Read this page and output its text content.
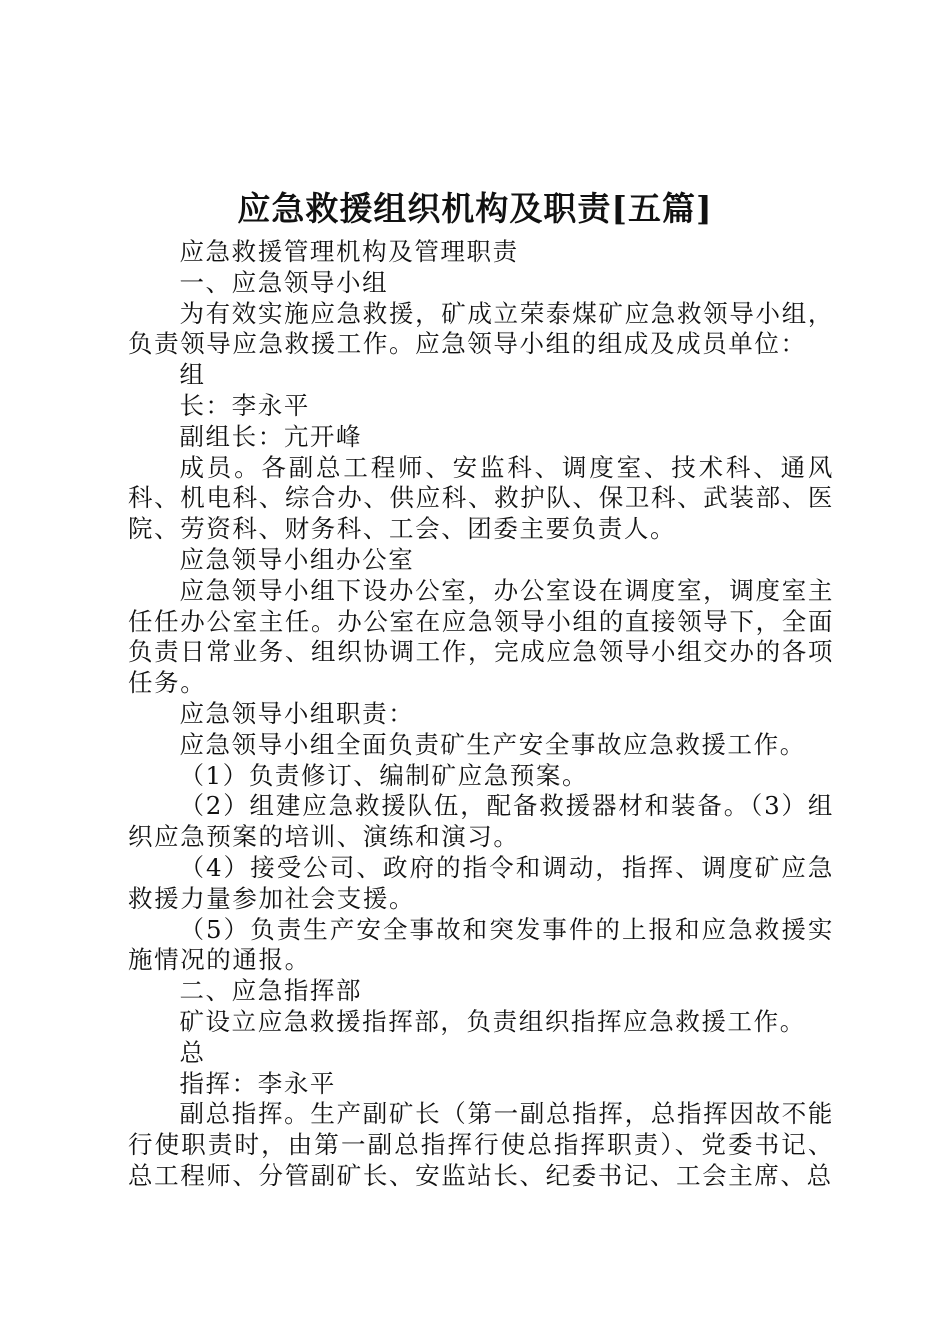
应急救援组织机构及职责[五篇]

应急救援管理机构及管理职责

一、应急领导小组

为有效实施应急救援，矿成立荣泰煤矿应急救领导小组，负责领导应急救援工作。应急领导小组的组成及成员单位：

组

长：李永平

副组长：亢开峰

成员。各副总工程师、安监科、调度室、技术科、通风科、机电科、综合办、供应科、救护队、保卫科、武装部、医院、劳资科、财务科、工会、团委主要负责人。

应急领导小组办公室

应急领导小组下设办公室，办公室设在调度室，调度室主任任办公室主任。办公室在应急领导小组的直接领导下，全面负责日常业务、组织协调工作，完成应急领导小组交办的各项任务。

应急领导小组职责：

应急领导小组全面负责矿生产安全事故应急救援工作。

（1）负责修订、编制矿应急预案。

（2）组建应急救援队伍，配备救援器材和装备。（3）组织应急预案的培训、演练和演习。

（4）接受公司、政府的指令和调动，指挥、调度矿应急救援力量参加社会支援。

（5）负责生产安全事故和突发事件的上报和应急救援实施情况的通报。

二、应急指挥部

矿设立应急救援指挥部，负责组织指挥应急救援工作。

总

指挥：李永平

副总指挥。生产副矿长（第一副总指挥，总指挥因故不能行使职责时，由第一副总指挥行使总指挥职责）、党委书记、总工程师、分管副矿长、安监站长、纪委书记、工会主席、总
